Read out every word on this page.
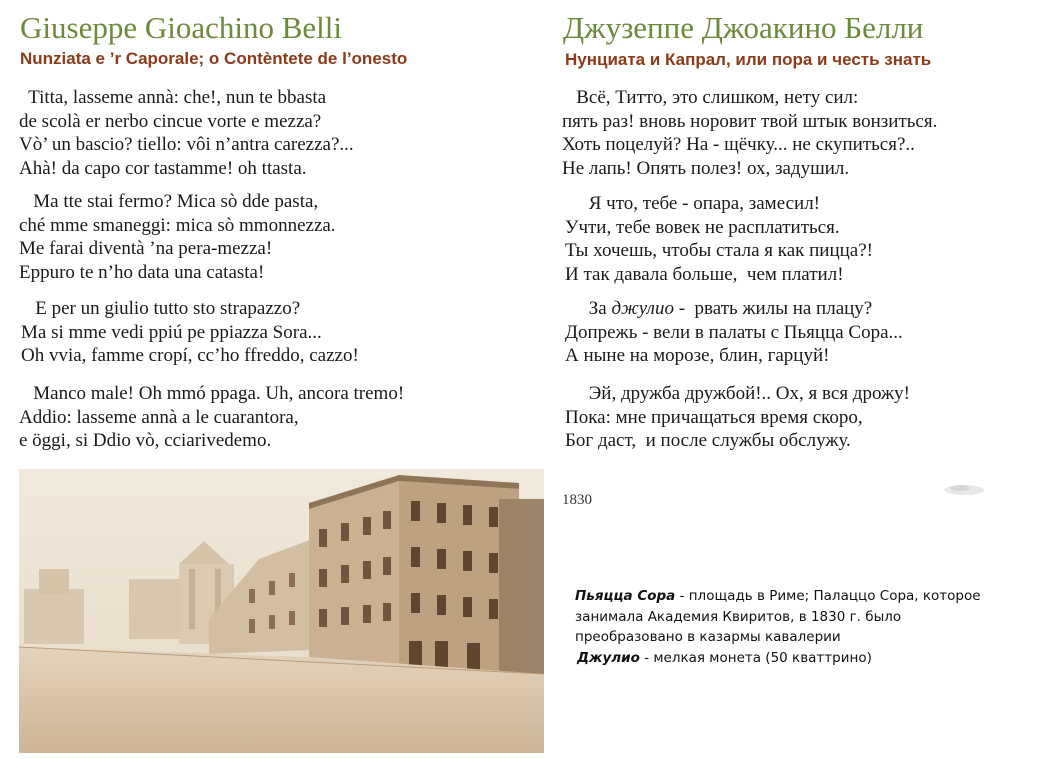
Giuseppe Gioachino Belli
Nunziata e ’r Caporale; o Contèntete de l’onesto
Джузеппе Джоакино Белли
Нунциата и Капрал, или пора и честь знать
Titta, lasseme annà: che!, nun te bbasta
de scolà er nerbo cincue vorte e mezza?
Vò’ un bascio? tiello: vôi n’antra carezza?...
Ahà! da capo cor tastamme! oh ttasta.
Ma tte stai fermo? Mica sò dde pasta,
ché mme smaneggi: mica sò mmonnezza.
Me farai diventà ’na pera-mezza!
Eppuro te n’ho data una catasta!
E per un giulio tutto sto strapazzo?
Ma si mme vedi ppiú pe ppiazza Sora...
Oh vvia, famme cropí, cc’ho ffreddo, cazzo!
Manco male! Oh mmó ppaga. Uh, ancora tremo!
Addio: lasseme annà a le cuarantora,
e öggi, si Ddio vò, cciarivedemo.
Всё, Титто, это слишком, нету сил:
пять раз! вновь норовит твой штык вонзиться.
Хоть поцелуй? На - щёчку... не скупиться?..
Не лапь! Опять полез! ох, задушил.
Я что, тебе - опара, замесил!
Учти, тебе вовек не расплатиться.
Ты хочешь, чтобы стала я как пицца?!
И так давала больше,  чем платил!
За джулио -  рвать жилы на плацу?
Допрежь - вели в палаты с Пьяцца Сора...
А ныне на морозе, блин, гарцуй!
Эй, дружба дружбой!.. Ох, я вся дрожу!
Пока: мне причащаться время скоро,
Бог даст,  и после службы обслужу.
1830
Пьяцца Сора - площадь в Риме; Палаццо Сора, которое занимала Академия Квиритов, в 1830 г. было преобразовано в казармы кавалерии
Джулио - мелкая монета (50 кваттрино)
